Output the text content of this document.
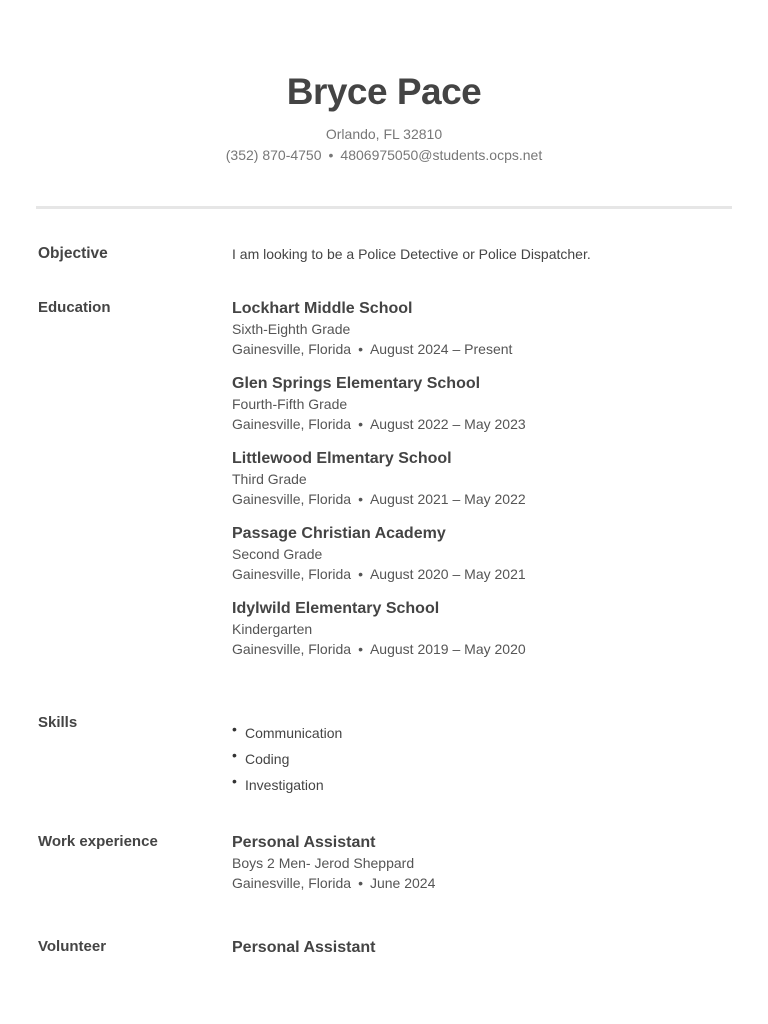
Bryce Pace
Orlando, FL 32810
(352) 870-4750 • 4806975050@students.ocps.net
Objective	I am looking to be a Police Detective or Police Dispatcher.
Education	Lockhart Middle School
Sixth-Eighth Grade
Gainesville, Florida • August 2024 – Present
Glen Springs Elementary School
Fourth-Fifth Grade
Gainesville, Florida • August 2022 – May 2023
Littlewood Elmentary School
Third Grade
Gainesville, Florida • August 2021 – May 2022
Passage Christian Academy
Second Grade
Gainesville, Florida • August 2020 – May 2021
Idylwild Elementary School
Kindergarten
Gainesville, Florida • August 2019 – May 2020
Skills	• Communication
• Coding
• Investigation
Work experience	Personal Assistant
Boys 2 Men- Jerod Sheppard
Gainesville, Florida • June 2024
Volunteer	Personal Assistant
